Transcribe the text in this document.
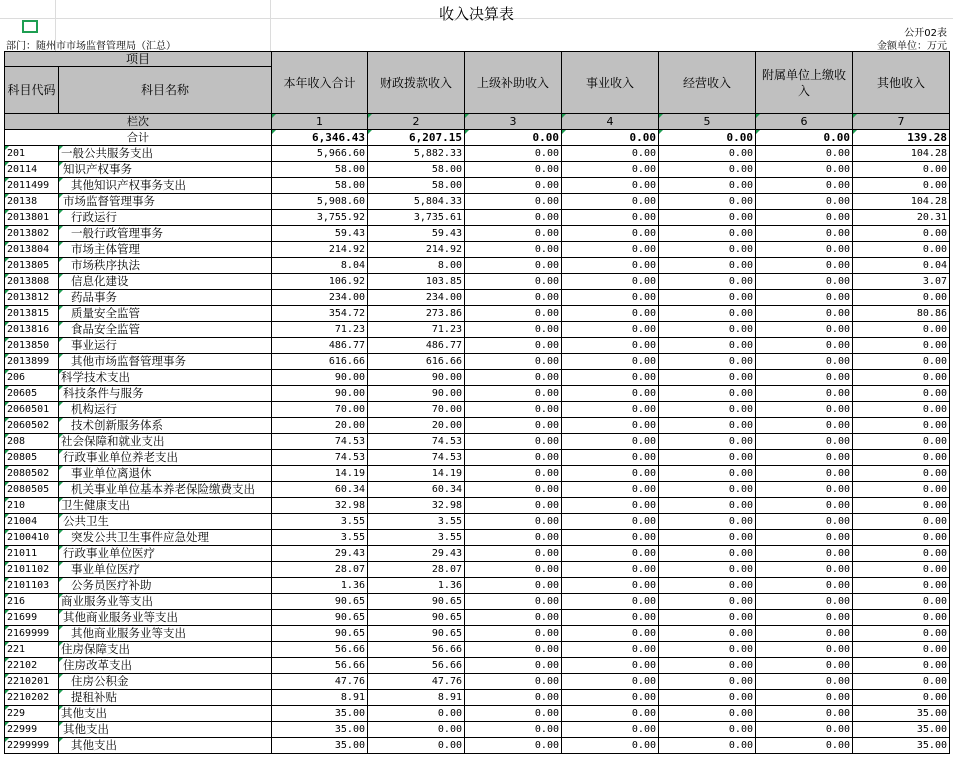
收入决算表
公开02表
部门：随州市市场监督管理局（汇总）	金额单位：万元
项目		本年收入合计	财政拨款收入	上级补助收入	事业收入	经营收入	附属单位上缴收入	其他收入
科目代码	科目名称							
栏次		1	2	3	4	5	6	7
合计		6,346.43	6,207.15	0.00	0.00	0.00	0.00	139.28
201	一般公共服务支出	5,966.60	5,882.33	0.00	0.00	0.00	0.00	104.28
20114	知识产权事务	58.00	58.00	0.00	0.00	0.00	0.00	0.00
2011499	其他知识产权事务支出	58.00	58.00	0.00	0.00	0.00	0.00	0.00
20138	市场监督管理事务	5,908.60	5,804.33	0.00	0.00	0.00	0.00	104.28
2013801	行政运行	3,755.92	3,735.61	0.00	0.00	0.00	0.00	20.31
2013802	一般行政管理事务	59.43	59.43	0.00	0.00	0.00	0.00	0.00
2013804	市场主体管理	214.92	214.92	0.00	0.00	0.00	0.00	0.00
2013805	市场秩序执法	8.04	8.00	0.00	0.00	0.00	0.00	0.04
2013808	信息化建设	106.92	103.85	0.00	0.00	0.00	0.00	3.07
2013812	药品事务	234.00	234.00	0.00	0.00	0.00	0.00	0.00
2013815	质量安全监管	354.72	273.86	0.00	0.00	0.00	0.00	80.86
2013816	食品安全监管	71.23	71.23	0.00	0.00	0.00	0.00	0.00
2013850	事业运行	486.77	486.77	0.00	0.00	0.00	0.00	0.00
2013899	其他市场监督管理事务	616.66	616.66	0.00	0.00	0.00	0.00	0.00
206	科学技术支出	90.00	90.00	0.00	0.00	0.00	0.00	0.00
20605	科技条件与服务	90.00	90.00	0.00	0.00	0.00	0.00	0.00
2060501	机构运行	70.00	70.00	0.00	0.00	0.00	0.00	0.00
2060502	技术创新服务体系	20.00	20.00	0.00	0.00	0.00	0.00	0.00
208	社会保障和就业支出	74.53	74.53	0.00	0.00	0.00	0.00	0.00
20805	行政事业单位养老支出	74.53	74.53	0.00	0.00	0.00	0.00	0.00
2080502	事业单位离退休	14.19	14.19	0.00	0.00	0.00	0.00	0.00
2080505	机关事业单位基本养老保险缴费支出	60.34	60.34	0.00	0.00	0.00	0.00	0.00
210	卫生健康支出	32.98	32.98	0.00	0.00	0.00	0.00	0.00
21004	公共卫生	3.55	3.55	0.00	0.00	0.00	0.00	0.00
2100410	突发公共卫生事件应急处理	3.55	3.55	0.00	0.00	0.00	0.00	0.00
21011	行政事业单位医疗	29.43	29.43	0.00	0.00	0.00	0.00	0.00
2101102	事业单位医疗	28.07	28.07	0.00	0.00	0.00	0.00	0.00
2101103	公务员医疗补助	1.36	1.36	0.00	0.00	0.00	0.00	0.00
216	商业服务业等支出	90.65	90.65	0.00	0.00	0.00	0.00	0.00
21699	其他商业服务业等支出	90.65	90.65	0.00	0.00	0.00	0.00	0.00
2169999	其他商业服务业等支出	90.65	90.65	0.00	0.00	0.00	0.00	0.00
221	住房保障支出	56.66	56.66	0.00	0.00	0.00	0.00	0.00
22102	住房改革支出	56.66	56.66	0.00	0.00	0.00	0.00	0.00
2210201	住房公积金	47.76	47.76	0.00	0.00	0.00	0.00	0.00
2210202	提租补贴	8.91	8.91	0.00	0.00	0.00	0.00	0.00
229	其他支出	35.00	0.00	0.00	0.00	0.00	0.00	35.00
22999	其他支出	35.00	0.00	0.00	0.00	0.00	0.00	35.00
2299999	其他支出	35.00	0.00	0.00	0.00	0.00	0.00	35.00
